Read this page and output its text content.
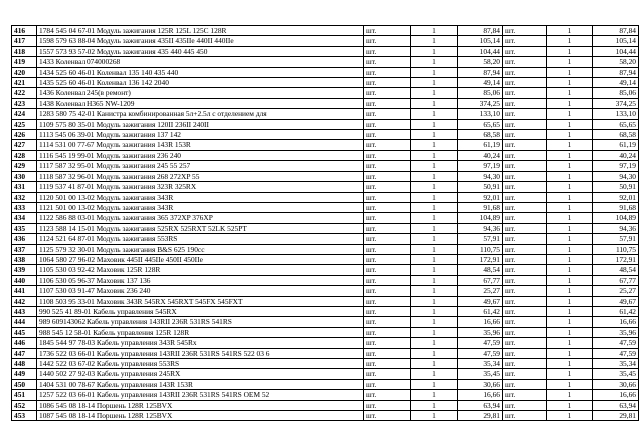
416	1784 545 04 67-01 Модуль зажигания 125R 125L 125C 128R	шт.	1	87,84	шт.	1	87,84
417	1598 579 63 88-04 Модуль зажигания 435II 435IIe 440II 440IIe	шт.	1	105,14	шт.	1	105,14
418	1557 573 93 57-02 Модуль зажигания 435 440 445 450	шт.	1	104,44	шт.	1	104,44
419	1433 Коленвал 074000268	шт.	1	58,20	шт.	1	58,20
420	1434 525 60 46-01 Коленвал 135 140 435 440	шт.	1	87,94	шт.	1	87,94
421	1435 525 60 46-01 Коленвал 136 142 2040	шт.	1	49,14	шт.	1	49,14
422	1436 Коленвал 245(в ремонт)	шт.	1	85,06	шт.	1	85,06
423	1438 Коленвал Н365 NW-1209	шт.	1	374,25	шт.	1	374,25
424	1283 580 75 42-01 Канистра комбинированная 5л+2.5л с отделением для	шт.	1	133,10	шт.	1	133,10
425	1109 575 80 35-01 Модуль зажигания 120II 236II 240II	шт.	1	65,65	шт.	1	65,65
426	1113 545 06 39-01 Модуль зажигания 137 142	шт.	1	68,58	шт.	1	68,58
427	1114 531 00 77-67 Модуль зажигания 143R 153R	шт.	1	61,19	шт.	1	61,19
428	1116 545 19 99-01 Модуль зажигания 236 240	шт.	1	40,24	шт.	1	40,24
429	1117 587 32 95-01 Модуль зажигания 245 55 257	шт.	1	97,19	шт.	1	97,19
430	1118 587 32 96-01 Модуль зажигания 268 272XP 55	шт.	1	94,30	шт.	1	94,30
431	1119 537 41 87-01 Модуль зажигания 323R 325RX	шт.	1	50,91	шт.	1	50,91
432	1120 501 00 13-02 Модуль зажигания 343R	шт.	1	92,01	шт.	1	92,01
433	1121 501 00 13-02 Модуль зажигания 343R	шт.	1	91,68	шт.	1	91,68
434	1122 586 88 03-01 Модуль зажигания 365 372XP 376XP	шт.	1	104,89	шт.	1	104,89
435	1123 588 14 15-01 Модуль зажигания 525RX 525RXT 52LK 525PT	шт.	1	94,36	шт.	1	94,36
436	1124 521 64 87-01 Модуль зажигания 553RS	шт.	1	57,91	шт.	1	57,91
437	1125 579 32 30-01 Модуль зажигания B&S 625 190cc	шт.	1	110,75	шт.	1	110,75
438	1064 580 27 96-02 Маховик 445II 445IIe 450II 450IIe	шт.	1	172,91	шт.	1	172,91
439	1105 530 03 92-42 Маховик 125R 128R	шт.	1	48,54	шт.	1	48,54
440	1106 530 05 96-37 Маховик 137 136	шт.	1	67,77	шт.	1	67,77
441	1107 530 03 91-47 Маховик 236 240	шт.	1	25,27	шт.	1	25,27
442	1108 503 95 33-01 Маховик 343R 545RX 545RXT 545FX 545FXT	шт.	1	49,67	шт.	1	49,67
443	990 525 41 89-01 Кабель управления 545RX	шт.	1	61,42	шт.	1	61,42
444	989 609143062 Кабель управления 143RII 236R 531RS 541RS	шт.	1	16,66	шт.	1	16,66
445	988 545 12 58-01 Кабель управления 125R 128R	шт.	1	35,96	шт.	1	35,96
446	1845 544 97 78-03 Кабель управления 343R 545Rx	шт.	1	47,59	шт.	1	47,59
447	1736 522 03 66-01 Кабель управления 143RII 236R 531RS 541RS 522 03 6	шт.	1	47,59	шт.	1	47,59
448	1442 522 03 67-02 Кабель управления 553RS	шт.	1	35,34	шт.	1	35,34
449	1440 502 27 92-03 Кабель управления 245RX	шт.	1	35,45	шт.	1	35,45
450	1404 531 00 78-67 Кабель управления 143R 153R	шт.	1	30,66	шт.	1	30,66
451	1257 522 03 66-01 Кабель управления 143RII 236R 531RS 541RS OEM 52	шт.	1	16,66	шт.	1	16,66
452	1086 545 08 18-14 Поршень 128R 125BVX	шт.	1	63,94	шт.	1	63,94
453	1087 545 08 18-14 Поршень 128R 125BVX	шт.	1	29,81	шт.	1	29,81
